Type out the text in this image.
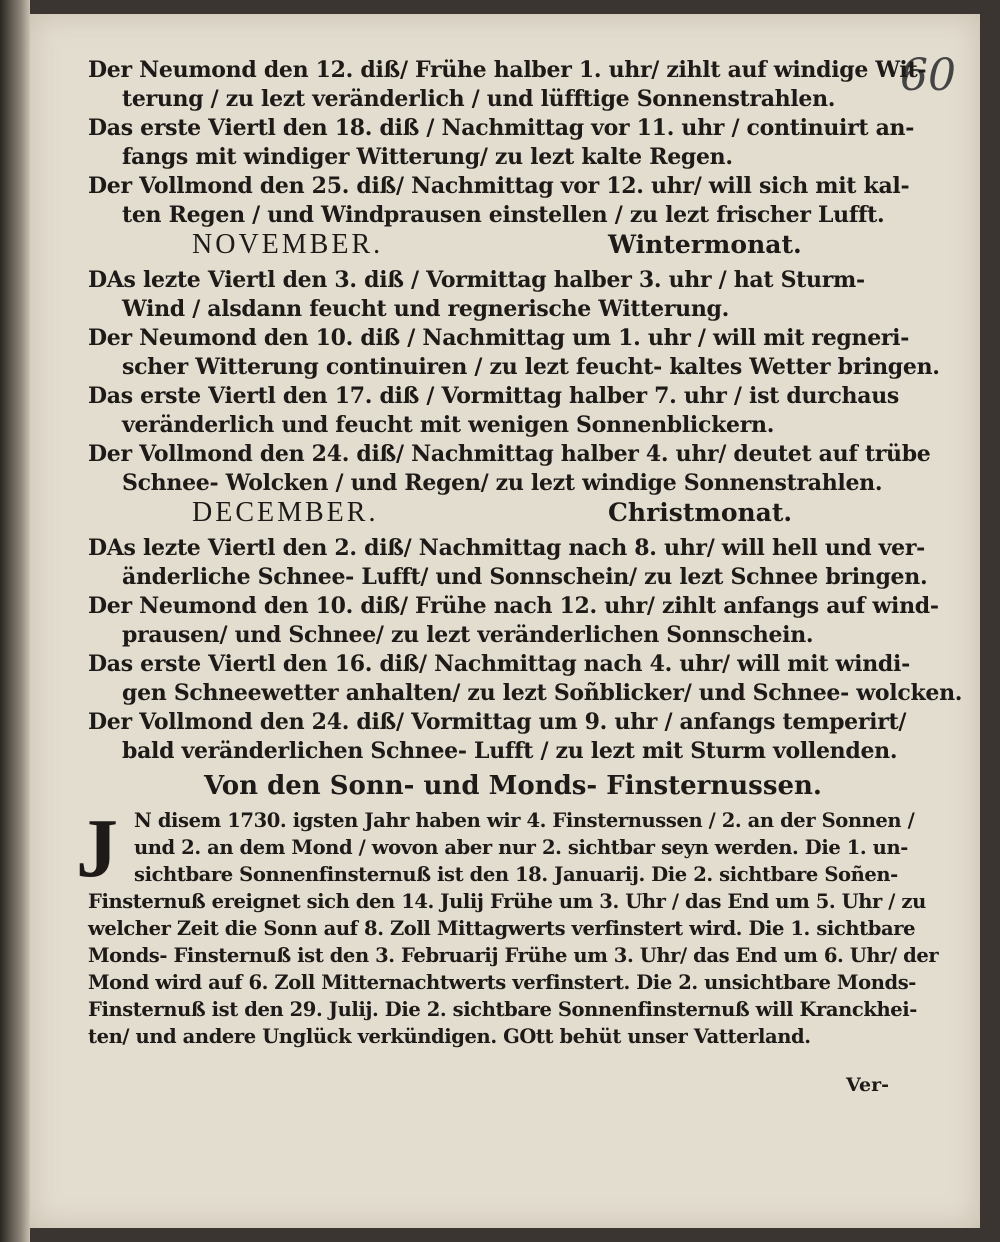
60
Der Neumond den 12. diß/ Frühe halber 1. uhr/ zihlt auf windige Wit-
terung / zu lezt veränderlich / und lüfftige Sonnenstrahlen.
Das erste Viertl den 18. diß / Nachmittag vor 11. uhr / continuirt an-
fangs mit windiger Witterung/ zu lezt kalte Regen.
Der Vollmond den 25. diß/ Nachmittag vor 12. uhr/ will sich mit kal-
ten Regen / und Windprausen einstellen / zu lezt frischer Lufft.
NOVEMBER.	Wintermonat.
DAs lezte Viertl den 3. diß / Vormittag halber 3. uhr / hat Sturm-
Wind / alsdann feucht und regnerische Witterung.
Der Neumond den 10. diß / Nachmittag um 1. uhr / will mit regneri-
scher Witterung continuiren / zu lezt feucht- kaltes Wetter bringen.
Das erste Viertl den 17. diß / Vormittag halber 7. uhr / ist durchaus
veränderlich und feucht mit wenigen Sonnenblickern.
Der Vollmond den 24. diß/ Nachmittag halber 4. uhr/ deutet auf trübe
Schnee- Wolcken / und Regen/ zu lezt windige Sonnenstrahlen.
DECEMBER.	Christmonat.
DAs lezte Viertl den 2. diß/ Nachmittag nach 8. uhr/ will hell und ver-
änderliche Schnee- Lufft/ und Sonnschein/ zu lezt Schnee bringen.
Der Neumond den 10. diß/ Frühe nach 12. uhr/ zihlt anfangs auf wind-
prausen/ und Schnee/ zu lezt veränderlichen Sonnschein.
Das erste Viertl den 16. diß/ Nachmittag nach 4. uhr/ will mit windi-
gen Schneewetter anhalten/ zu lezt Soñblicker/ und Schnee- wolcken.
Der Vollmond den 24. diß/ Vormittag um 9. uhr / anfangs temperirt/
bald veränderlichen Schnee- Lufft / zu lezt mit Sturm vollenden.
Von den Sonn- und Monds- Finsternussen.
J N disem 1730. igsten Jahr haben wir 4. Finsternussen / 2. an der Sonnen /
und 2. an dem Mond / wovon aber nur 2. sichtbar seyn werden. Die 1. un-
sichtbare Sonnenfinsternuß ist den 18. Januarij. Die 2. sichtbare Soñen-
Finsternuß ereignet sich den 14. Julij Frühe um 3. Uhr / das End um 5. Uhr / zu
welcher Zeit die Sonn auf 8. Zoll Mittagwerts verfinstert wird. Die 1. sichtbare
Monds- Finsternuß ist den 3. Februarij Frühe um 3. Uhr/ das End um 6. Uhr/ der
Mond wird auf 6. Zoll Mitternachtwerts verfinstert. Die 2. unsichtbare Monds-
Finsternuß ist den 29. Julij. Die 2. sichtbare Sonnenfinsternuß will Kranckhei-
ten/ und andere Unglück verkündigen. GOtt behüt unser Vatterland.
Ver-
